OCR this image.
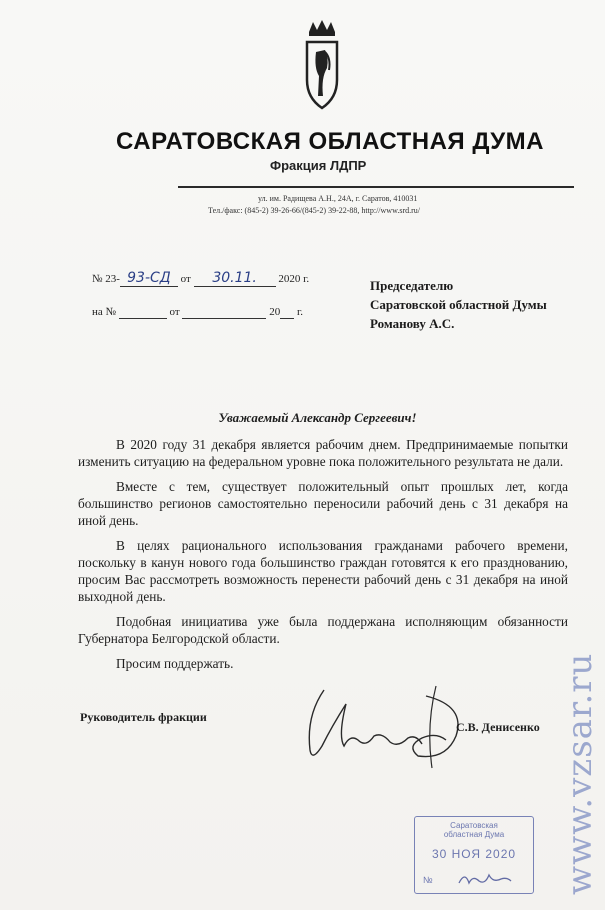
САРАТОВСКАЯ ОБЛАСТНАЯ ДУМА
Фракция ЛДПР
ул. им. Радищева А.Н., 24А, г. Саратов, 410031
Тел./факс: (845-2) 39-26-66/(845-2) 39-22-88, http://www.srd.ru/
№ 23- 93-СД от 30.11. 2020 г.
на №	от	20 г.
Председателю
Саратовской областной Думы
Романову А.С.
Уважаемый Александр Сергеевич!

В 2020 году 31 декабря является рабочим днем. Предпринимаемые попытки изменить ситуацию на федеральном уровне пока положительного результата не дали.

Вместе с тем, существует положительный опыт прошлых лет, когда большинство регионов самостоятельно переносили рабочий день с 31 декабря на иной день.

В целях рационального использования гражданами рабочего времени, поскольку в канун нового года большинство граждан готовятся к его празднованию, просим Вас рассмотреть возможность перенести рабочий день с 31 декабря на иной выходной день.

Подобная инициатива уже была поддержана исполняющим обязанности Губернатора Белгородской области.

Просим поддержать.

Руководитель фракции
С.В. Денисенко
Саратовская
областная Дума
30 НОЯ 2020
№	www.vzsar.ru
